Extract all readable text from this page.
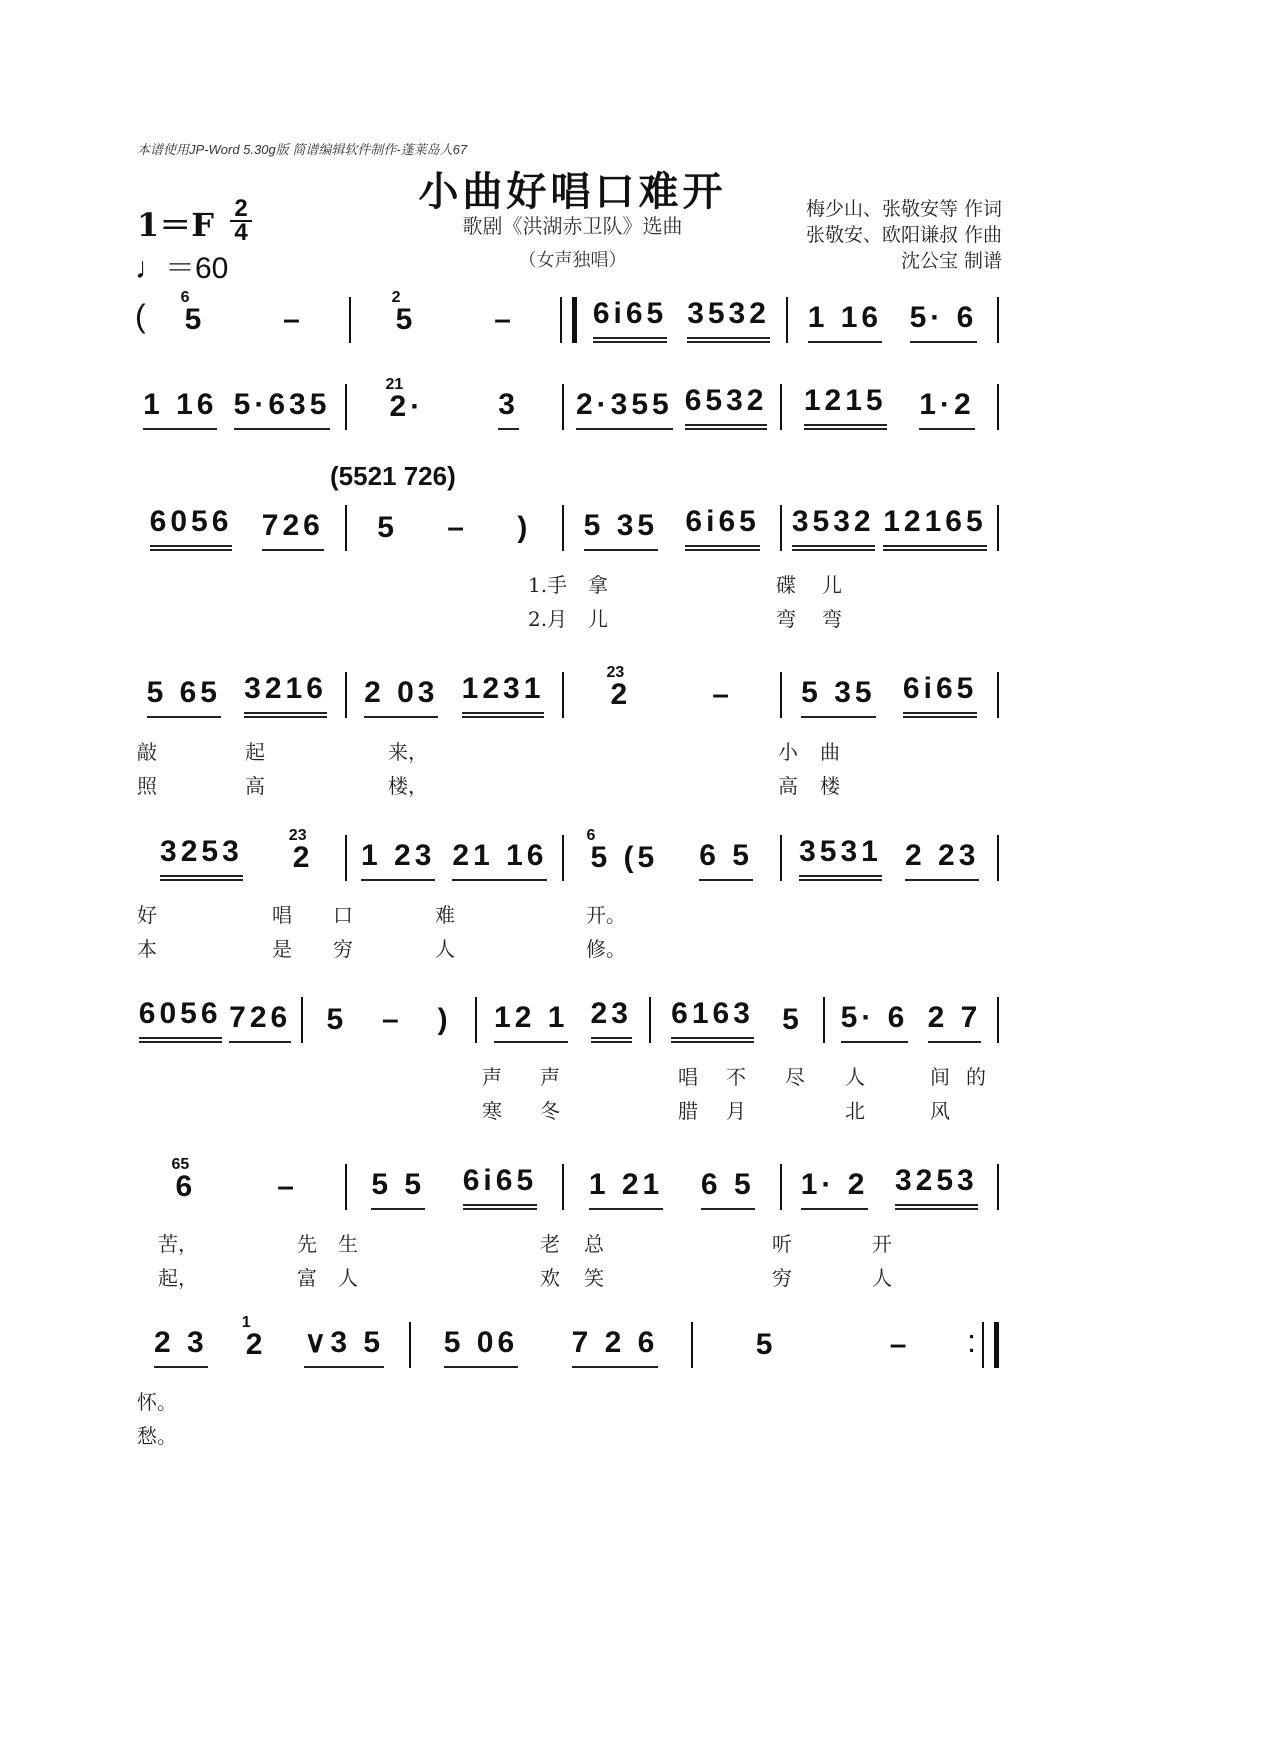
本谱使用JP-Word 5.30g版 简谱编辑软件制作-蓬莱岛人67
小曲好唱口难开
歌剧《洪湖赤卫队》选曲
（女声独唱）
梅少山、张敬安等 作词
张敬安、欧阳谦叔 作曲
沈公宝 制谱
1＝F 2
4
♩＝60
( 5
6
–	5
2
–	6i65 3532 1 16 5· 6
1 16 5·635 2·
21
3 2·355 6532 1215 1·2
6056 726 5 – ) 5 35 6i65 3532 12165
(5521 726)
5 65 3216 2 03 1231 2
23
– 5 35 6i65
3253 2
23
1 23 21 16 5 (5
6
6 5 3531 2 23
6056 726 5 – ) 12 1 23 6163 5 5· 6 2 7
6
65
– 5 5 6i65 1 21 6 5 1· 2 3253
2 3 2
1
∨3 5 5 06 7 2 6	5	– :
1.手 拿	碟 儿
2.月 儿	弯 弯
敲	起	来，	小 曲
照	高	楼，	高 楼
好	唱 口	难	开。
本	是 穷	人	修。
声 声	唱 不 尽 人	间 的
寒 冬	腊 月	北	风
苦，	先 生	老 总	听	开
起，	富 人	欢 笑	穷	人
怀。
愁。
